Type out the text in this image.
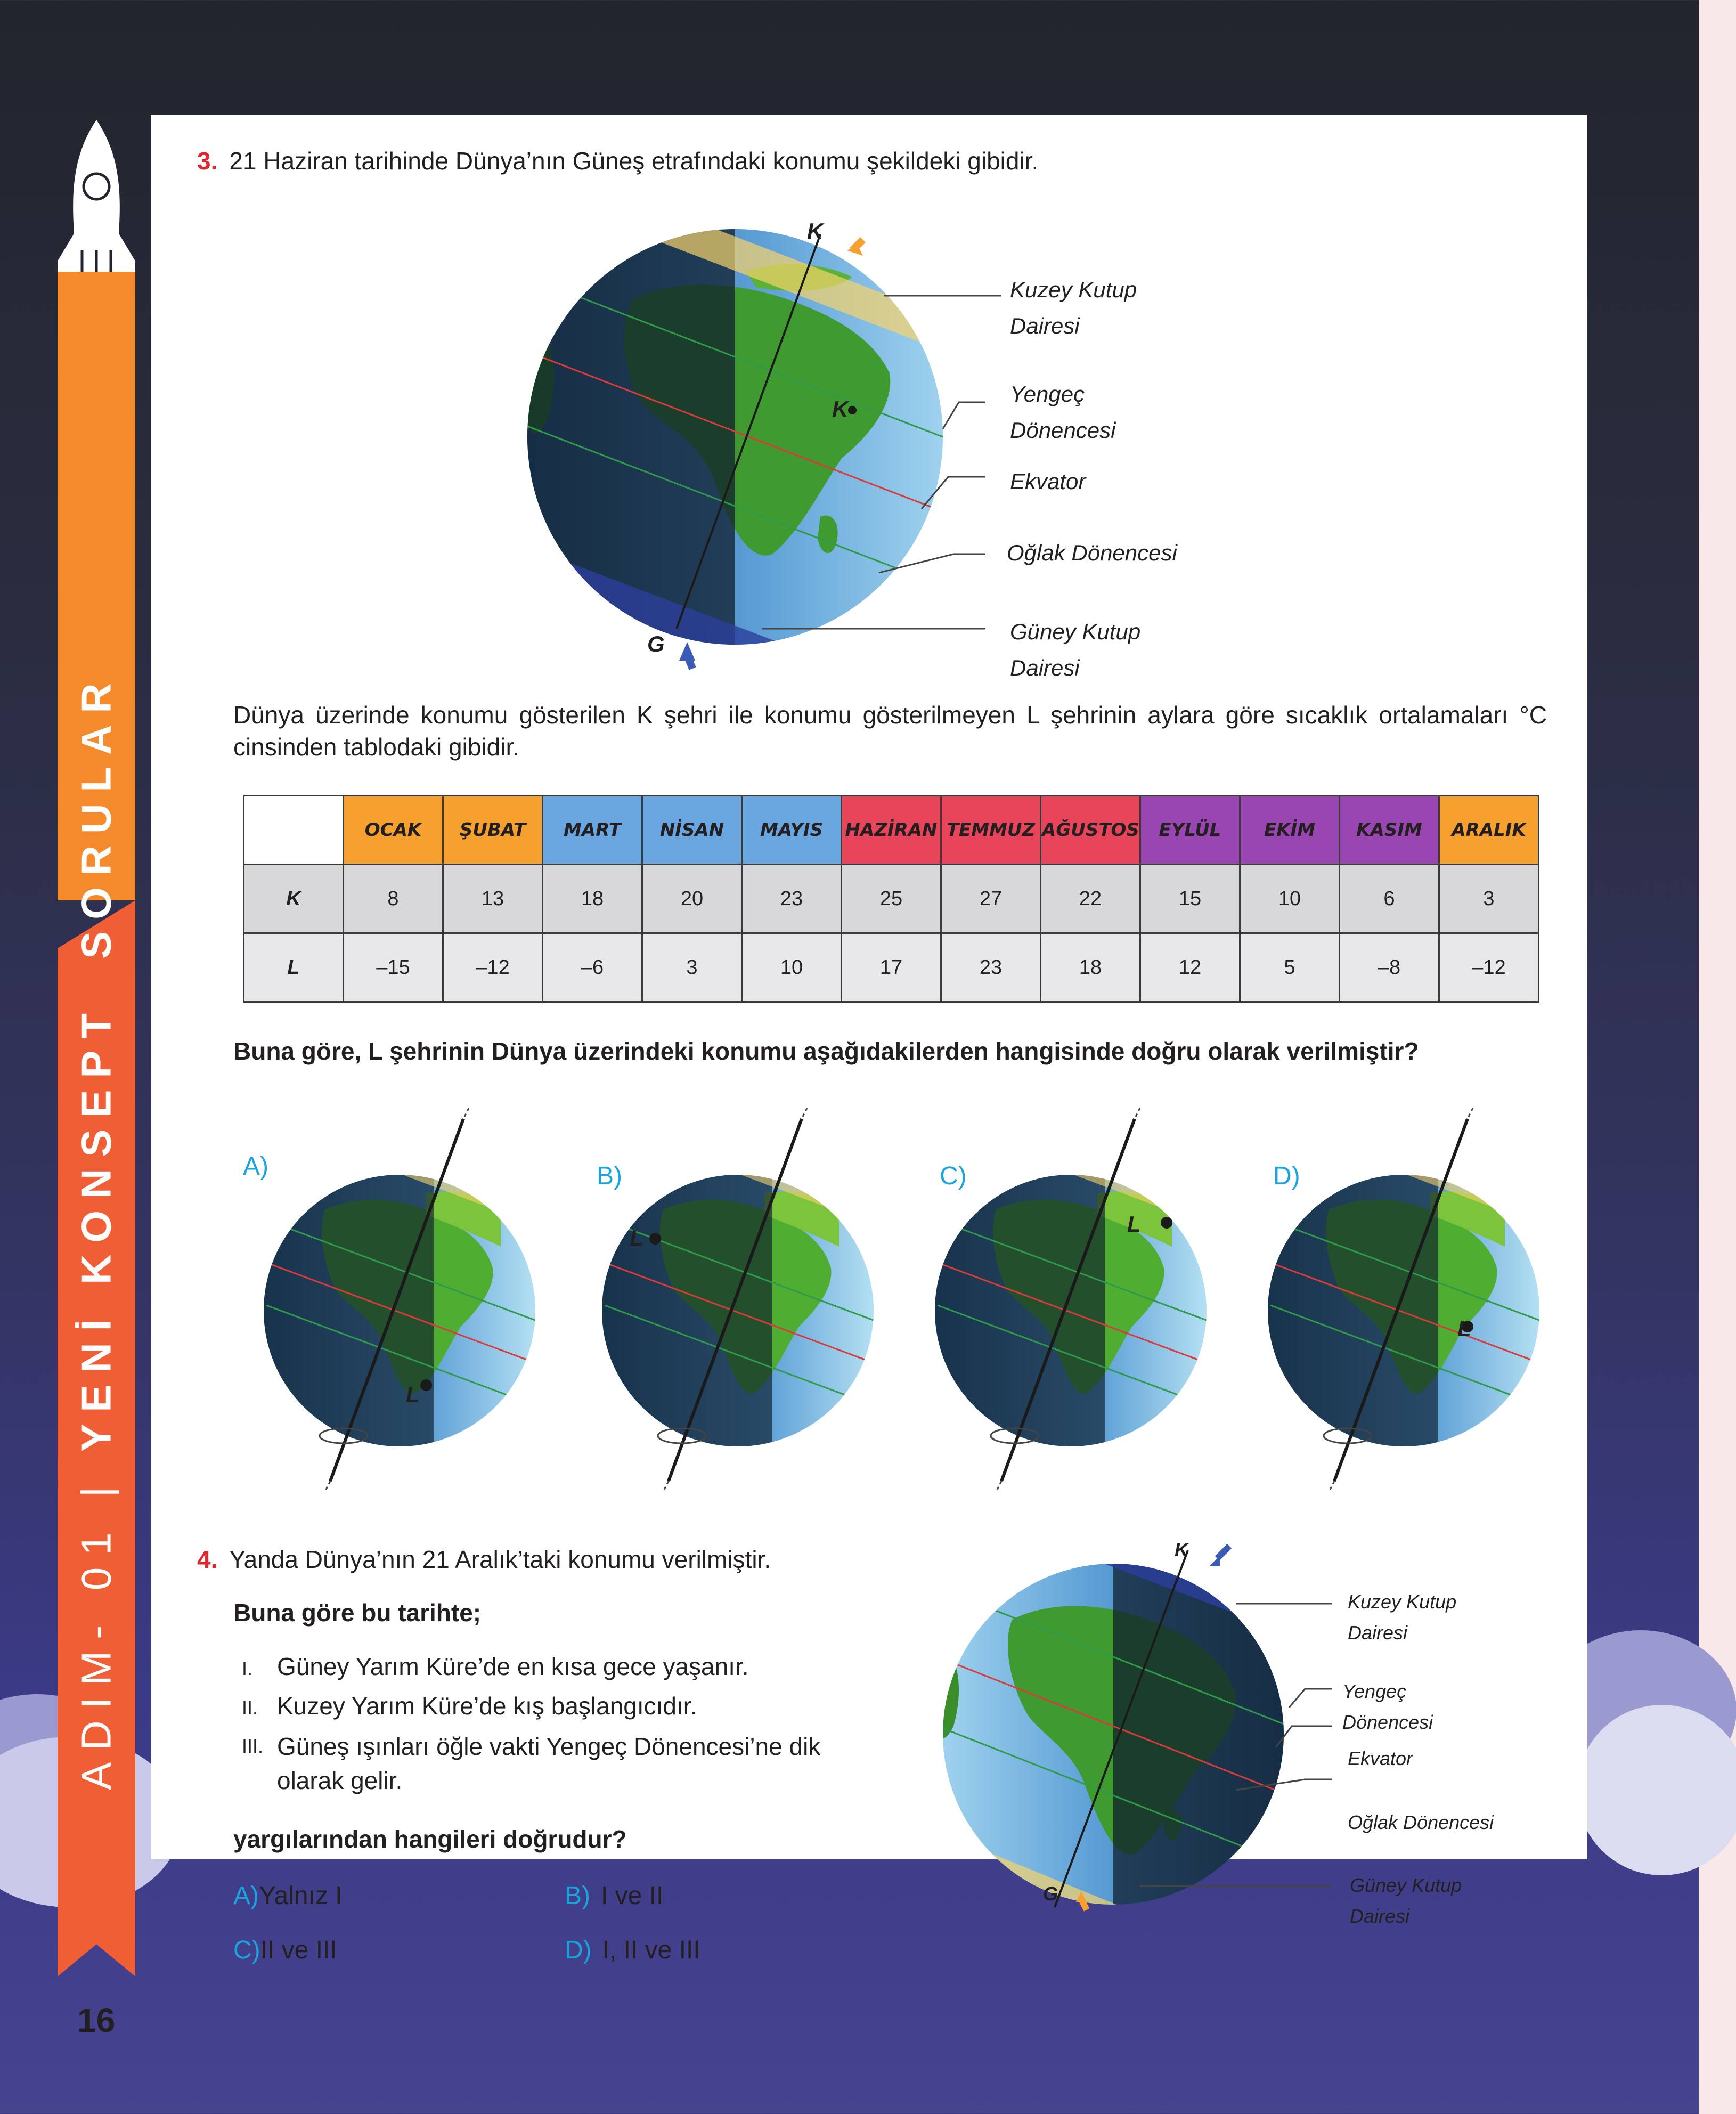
ADIM- 01 | YENİ KONSEPTSORULAR
16
3. 21 Haziran tarihinde Dünya’nın Güneş etrafındaki konumu şekildeki gibidir.
K
G
K
Kuzey Kutup Dairesi
Yengeç Dönencesi
Ekvator
Oğlak Dönencesi
Güney Kutup Dairesi
Dünya üzerinde konumu gösterilen K şehri ile konumu gösterilmeyen L şehrinin aylara göre sıcaklık ortalamaları °C cinsinden tablodaki gibidir.
	OCAK	ŞUBAT	MART	NİSAN	MAYIS	HAZİRAN	TEMMUZ	AĞUSTOS	EYLÜL	EKİM	KASIM	ARALIK
K	8	13	18	20	23	25	27	22	15	10	6	3
L	–15	–12	–6	3	10	17	23	18	12	5	–8	–12
Buna göre, L şehrinin Dünya üzerindeki konumu aşağıdakilerden hangisinde doğru olarak verilmiştir?
A)	B)	C)	D)
L
L
L
L
4. Yanda Dünya’nın 21 Aralık’taki konumu verilmiştir.
Buna göre bu tarihte;
I. Güney Yarım Küre’de en kısa gece yaşanır.
II. Kuzey Yarım Küre’de kış başlangıcıdır.
III. Güneş ışınları öğle vakti Yengeç Dönencesi’ne dik olarak gelir.
yargılarından hangileri doğrudur?
A)Yalnız I	B) I ve II
C)II ve III	D) I, II ve III
K
G
Kuzey Kutup Dairesi
Yengeç Dönencesi
Ekvator
Oğlak Dönencesi
Güney Kutup Dairesi
